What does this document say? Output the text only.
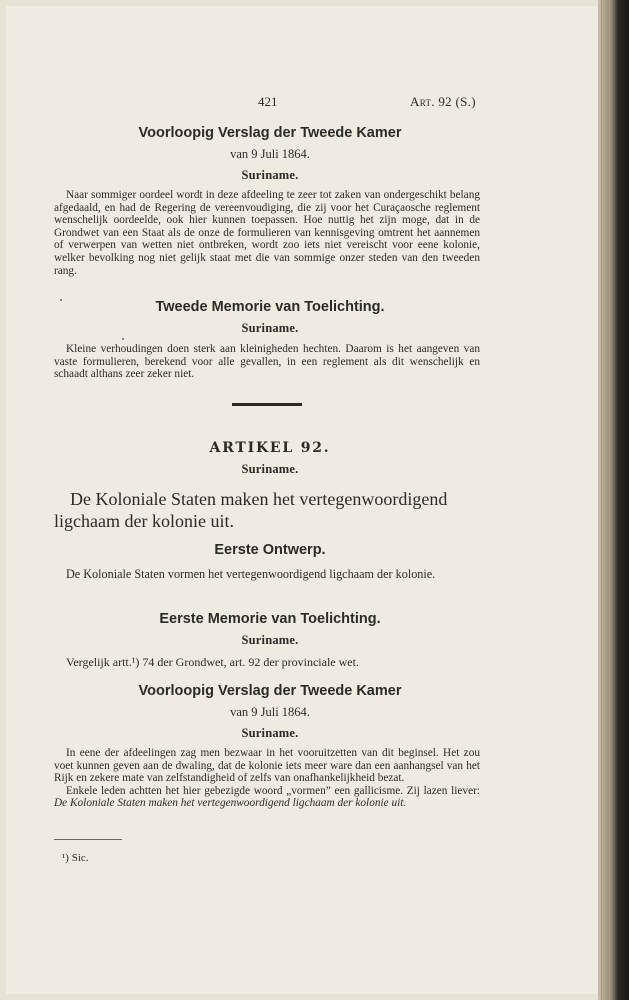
421	Art. 92 (S.)
Voorloopig Verslag der Tweede Kamer
van 9 Juli 1864.
Suriname.

Naar sommiger oordeel wordt in deze afdeeling te zeer tot zaken van ondergeschikt belang afgedaald, en had de Regering de vereenvoudiging, die zij voor het Curaçaosche reglement wenschelijk oordeelde, ook hier kunnen toepassen. Hoe nuttig het zijn moge, dat in de Grondwet van een Staat als de onze de formulieren van kennisgeving omtrent het aannemen of verwerpen van wetten niet ontbreken, wordt zoo iets niet vereischt voor eene kolonie, welker bevolking nog niet gelijk staat met die van sommige onzer steden van den tweeden rang.

Tweede Memorie van Toelichting.
Suriname.

Kleine verhoudingen doen sterk aan kleinigheden hechten. Daarom is het aangeven van vaste formulieren, berekend voor alle gevallen, in een reglement als dit wenschelijk en schaadt althans zeer zeker niet.

ARTIKEL 92.
Suriname.
De Koloniale Staten maken het vertegenwoordigend ligchaam der kolonie uit.
Eerste Ontwerp.

De Koloniale Staten vormen het vertegenwoordigend ligchaam der kolonie.

Eerste Memorie van Toelichting.
Suriname.

Vergelijk artt.¹) 74 der Grondwet, art. 92 der provinciale wet.

Voorloopig Verslag der Tweede Kamer
van 9 Juli 1864.
Suriname.

In eene der afdeelingen zag men bezwaar in het vooruitzetten van dit beginsel. Het zou voet kunnen geven aan de dwaling, dat de kolonie iets meer ware dan een aanhangsel van het Rijk en zekere mate van zelfstandigheid of zelfs van onafhankelijkheid bezat.

Enkele leden achtten het hier gebezigde woord „vormen” een gallicisme. Zij lazen liever: De Koloniale Staten maken het vertegenwoordigend ligchaam der kolonie uit.

¹) Sic.
